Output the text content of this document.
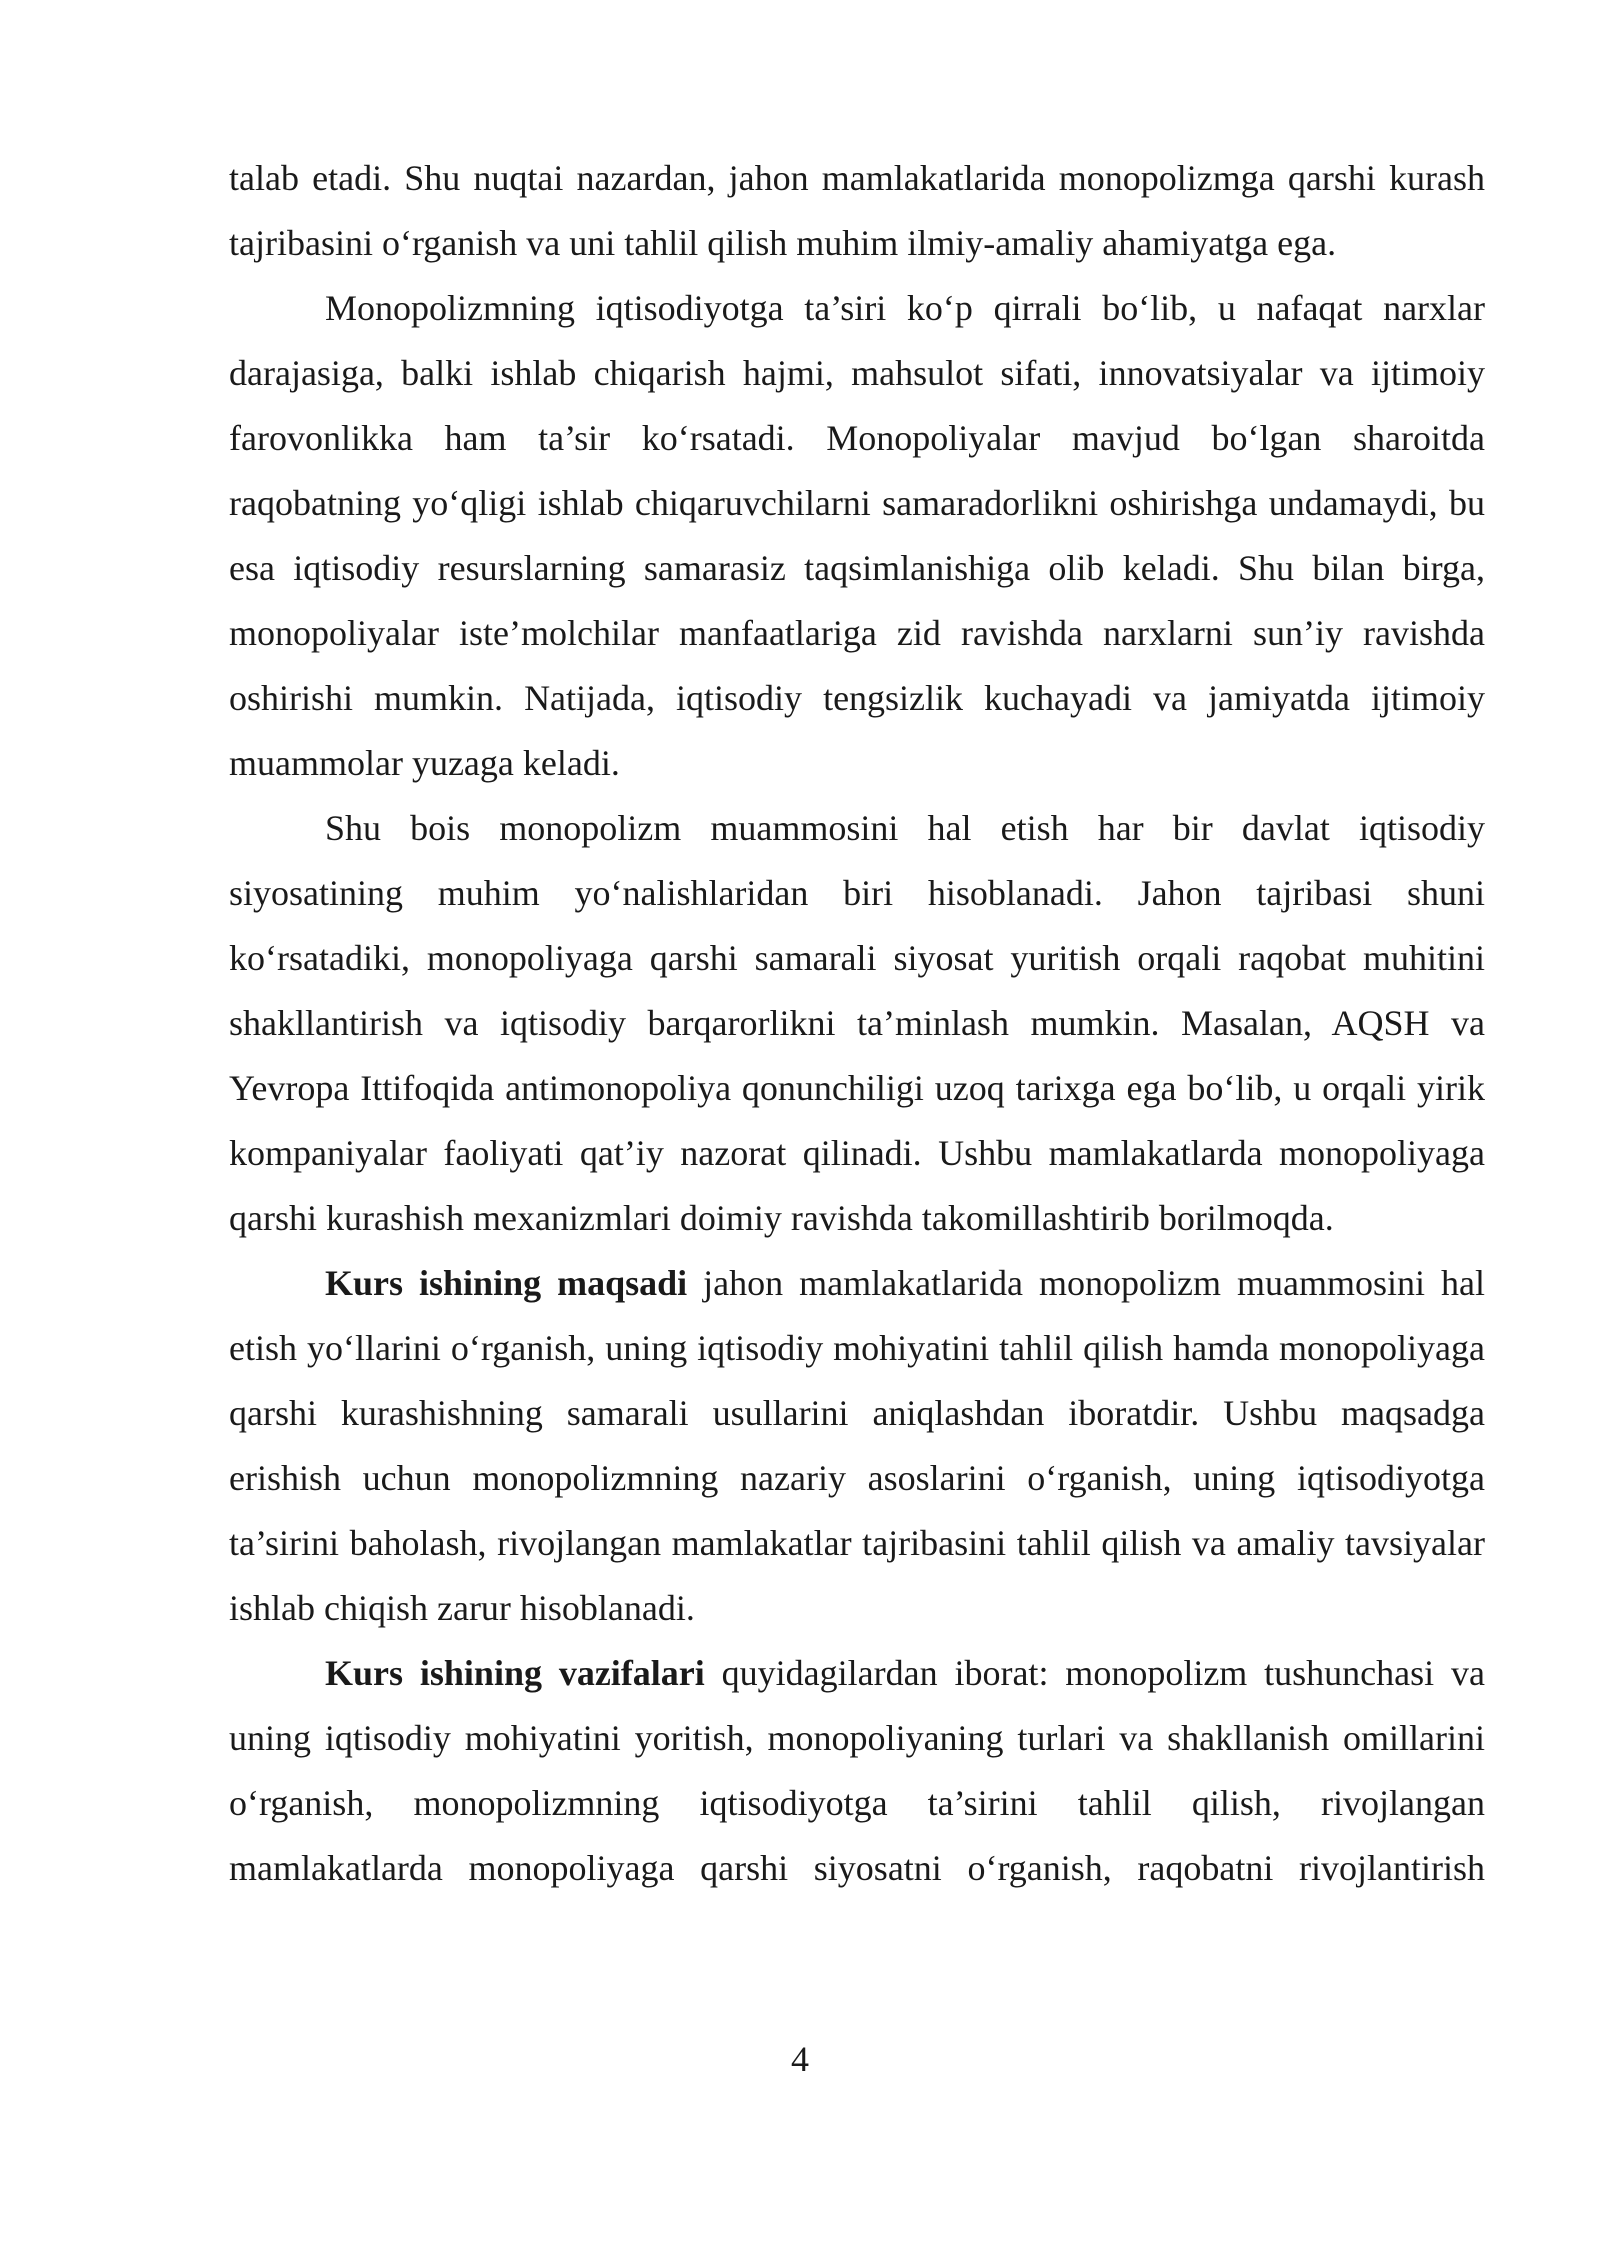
talab etadi. Shu nuqtai nazardan, jahon mamlakatlarida monopolizmga qarshi kurash tajribasini o‘rganish va uni tahlil qilish muhim ilmiy-amaliy ahamiyatga ega.

Monopolizmning iqtisodiyotga ta’siri ko‘p qirrali bo‘lib, u nafaqat narxlar darajasiga, balki ishlab chiqarish hajmi, mahsulot sifati, innovatsiyalar va ijtimoiy farovonlikka ham ta’sir ko‘rsatadi. Monopoliyalar mavjud bo‘lgan sharoitda raqobatning yo‘qligi ishlab chiqaruvchilarni samaradorlikni oshirishga undamaydi, bu esa iqtisodiy resurslarning samarasiz taqsimlanishiga olib keladi. Shu bilan birga, monopoliyalar iste’molchilar manfaatlariga zid ravishda narxlarni sun’iy ravishda oshirishi mumkin. Natijada, iqtisodiy tengsizlik kuchayadi va jamiyatda ijtimoiy muammolar yuzaga keladi.

Shu bois monopolizm muammosini hal etish har bir davlat iqtisodiy siyosatining muhim yo‘nalishlaridan biri hisoblanadi. Jahon tajribasi shuni ko‘rsatadiki, monopoliyaga qarshi samarali siyosat yuritish orqali raqobat muhitini shakllantirish va iqtisodiy barqarorlikni ta’minlash mumkin. Masalan, AQSH va Yevropa Ittifoqida antimonopoliya qonunchiligi uzoq tarixga ega bo‘lib, u orqali yirik kompaniyalar faoliyati qat’iy nazorat qilinadi. Ushbu mamlakatlarda monopoliyaga qarshi kurashish mexanizmlari doimiy ravishda takomillashtirib borilmoqda.

Kurs ishining maqsadi jahon mamlakatlarida monopolizm muammosini hal etish yo‘llarini o‘rganish, uning iqtisodiy mohiyatini tahlil qilish hamda monopoliyaga qarshi kurashishning samarali usullarini aniqlashdan iboratdir. Ushbu maqsadga erishish uchun monopolizmning nazariy asoslarini o‘rganish, uning iqtisodiyotga ta’sirini baholash, rivojlangan mamlakatlar tajribasini tahlil qilish va amaliy tavsiyalar ishlab chiqish zarur hisoblanadi.

Kurs ishining vazifalari quyidagilardan iborat: monopolizm tushunchasi va uning iqtisodiy mohiyatini yoritish, monopoliyaning turlari va shakllanish omillarini o‘rganish, monopolizmning iqtisodiyotga ta’sirini tahlil qilish, rivojlangan mamlakatlarda monopoliyaga qarshi siyosatni o‘rganish, raqobatni rivojlantirish

4
